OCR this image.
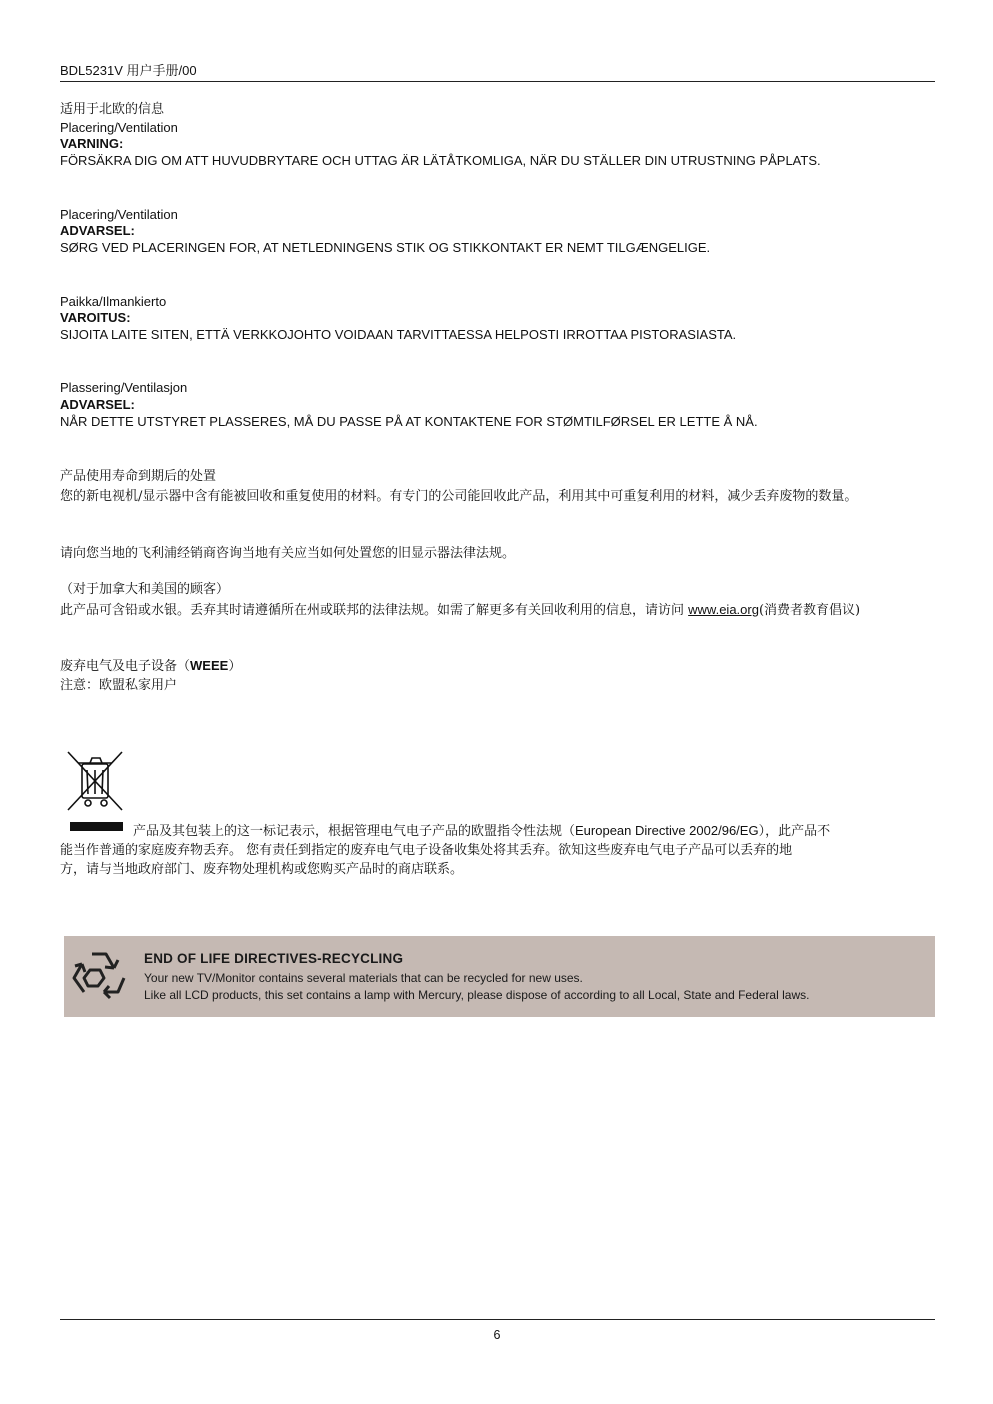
BDL5231V 用户手册/00
适用于北欧的信息
Placering/Ventilation
VARNING:
FÖRSÄKRA DIG OM ATT HUVUDBRYTARE OCH UTTAG ÄR LÄTÅTKOMLIGA, NÄR DU STÄLLER DIN UTRUSTNING PÅPLATS.
Placering/Ventilation
ADVARSEL:
SØRG VED PLACERINGEN FOR, AT NETLEDNINGENS STIK OG STIKKONTAKT ER NEMT TILGÆNGELIGE.
Paikka/Ilmankierto
VAROITUS:
SIJOITA LAITE SITEN, ETTÄ VERKKOJOHTO VOIDAAN TARVITTAESSA HELPOSTI IRROTTAA PISTORASIASTA.
Plassering/Ventilasjon
ADVARSEL:
NÅR DETTE UTSTYRET PLASSERES, MÅ DU PASSE PÅ AT KONTAKTENE FOR STØMTILFØRSEL ER LETTE Å NÅ.
产品使用寿命到期后的处置
您的新电视机/显示器中含有能被回收和重复使用的材料。有专门的公司能回收此产品，利用其中可重复利用的材料，减少丢弃废物的数量。
请向您当地的飞利浦经销商咨询当地有关应当如何处置您的旧显示器法律法规。
（对于加拿大和美国的顾客）
此产品可含铅或水银。丢弃其时请遵循所在州或联邦的法律法规。如需了解更多有关回收利用的信息，请访问 www.eia.org(消费者教育倡议)
废弃电气及电子设备（WEEE）
注意：欧盟私家用户
产品及其包装上的这一标记表示，根据管理电气电子产品的欧盟指令性法规（European Directive 2002/96/EG），此产品不
能当作普通的家庭废弃物丢弃。 您有责任到指定的废弃电气电子设备收集处将其丢弃。欲知这些废弃电气电子产品可以丢弃的地
方，请与当地政府部门、废弃物处理机构或您购买产品时的商店联系。
END OF LIFE DIRECTIVES-RECYCLING
Your new TV/Monitor contains several materials that can be recycled for new uses.
Like all LCD products, this set contains a lamp with Mercury, please dispose of according to all Local, State and Federal laws.
6
